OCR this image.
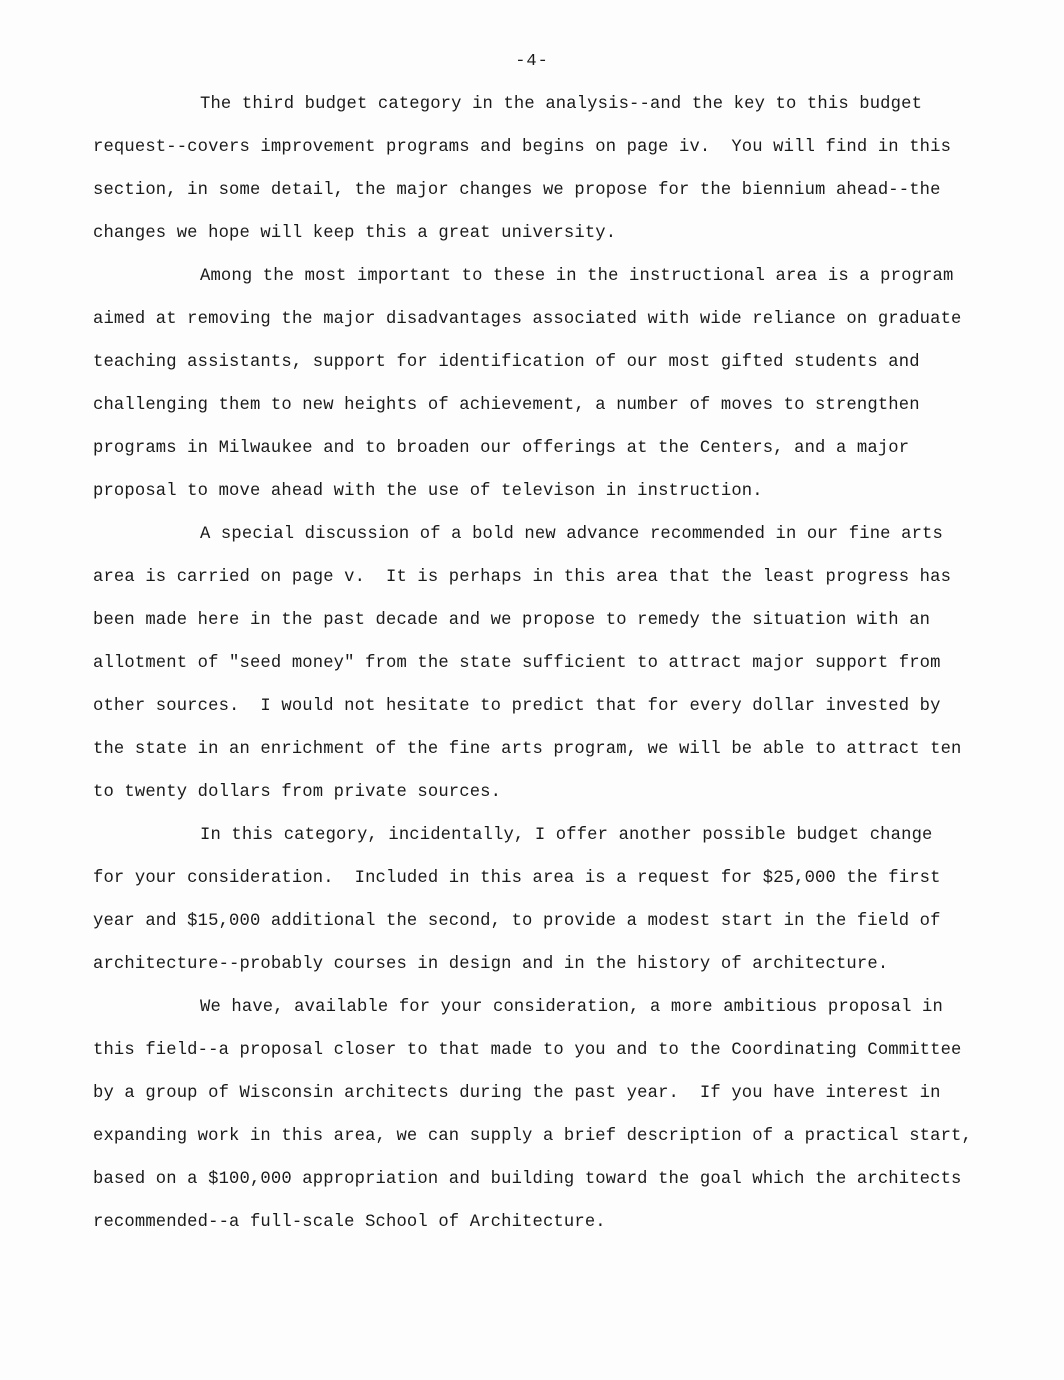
-4-
The third budget category in the analysis--and the key to this budget
request--covers improvement programs and begins on page iv.  You will find in this
section, in some detail, the major changes we propose for the biennium ahead--the
changes we hope will keep this a great university.
Among the most important to these in the instructional area is a program
aimed at removing the major disadvantages associated with wide reliance on graduate
teaching assistants, support for identification of our most gifted students and
challenging them to new heights of achievement, a number of moves to strengthen
programs in Milwaukee and to broaden our offerings at the Centers, and a major
proposal to move ahead with the use of televison in instruction.
A special discussion of a bold new advance recommended in our fine arts
area is carried on page v.  It is perhaps in this area that the least progress has
been made here in the past decade and we propose to remedy the situation with an
allotment of "seed money" from the state sufficient to attract major support from
other sources.  I would not hesitate to predict that for every dollar invested by
the state in an enrichment of the fine arts program, we will be able to attract ten
to twenty dollars from private sources.
In this category, incidentally, I offer another possible budget change
for your consideration.  Included in this area is a request for $25,000 the first
year and $15,000 additional the second, to provide a modest start in the field of
architecture--probably courses in design and in the history of architecture.
We have, available for your consideration, a more ambitious proposal in
this field--a proposal closer to that made to you and to the Coordinating Committee
by a group of Wisconsin architects during the past year.  If you have interest in
expanding work in this area, we can supply a brief description of a practical start,
based on a $100,000 appropriation and building toward the goal which the architects
recommended--a full-scale School of Architecture.
